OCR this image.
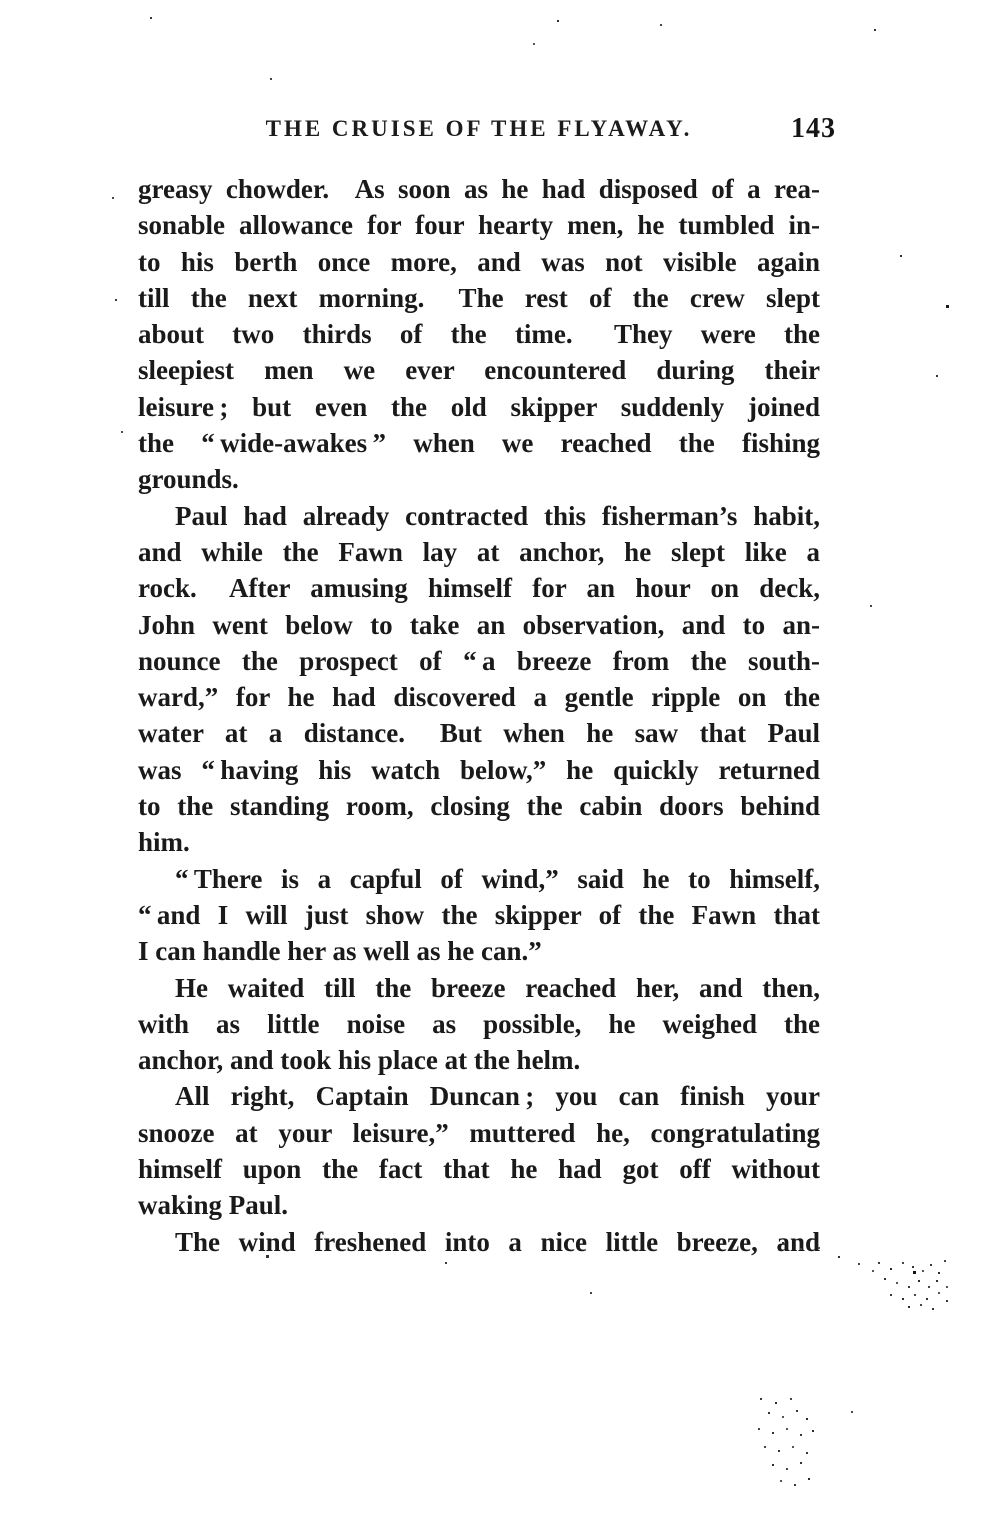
THE CRUISE OF THE FLYAWAY.	143
greasy chowder.  As soon as he had disposed of a rea-
sonable allowance for four hearty men, he tumbled in-
to his berth once more, and was not visible again
till the next morning.  The rest of the crew slept
about two thirds of the time.  They were the
sleepiest men we ever encountered during their
leisure ; but even the old skipper suddenly joined
the “ wide-awakes ” when we reached the fishing
grounds.
Paul had already contracted this fisherman’s habit,
and while the Fawn lay at anchor, he slept like a
rock.  After amusing himself for an hour on deck,
John went below to take an observation, and to an-
nounce the prospect of “ a breeze from the south-
ward,” for he had discovered a gentle ripple on the
water at a distance.  But when he saw that Paul
was “ having his watch below,” he quickly returned
to the standing room, closing the cabin doors behind
him.
“ There is a capful of wind,” said he to himself,
“ and I will just show the skipper of the Fawn that
I can handle her as well as he can.”
He waited till the breeze reached her, and then,
with as little noise as possible, he weighed the
anchor, and took his place at the helm.
All right, Captain Duncan ; you can finish your
snooze at your leisure,” muttered he, congratulating
himself upon the fact that he had got off without
waking Paul.
The wind freshened into a nice little breeze, and
